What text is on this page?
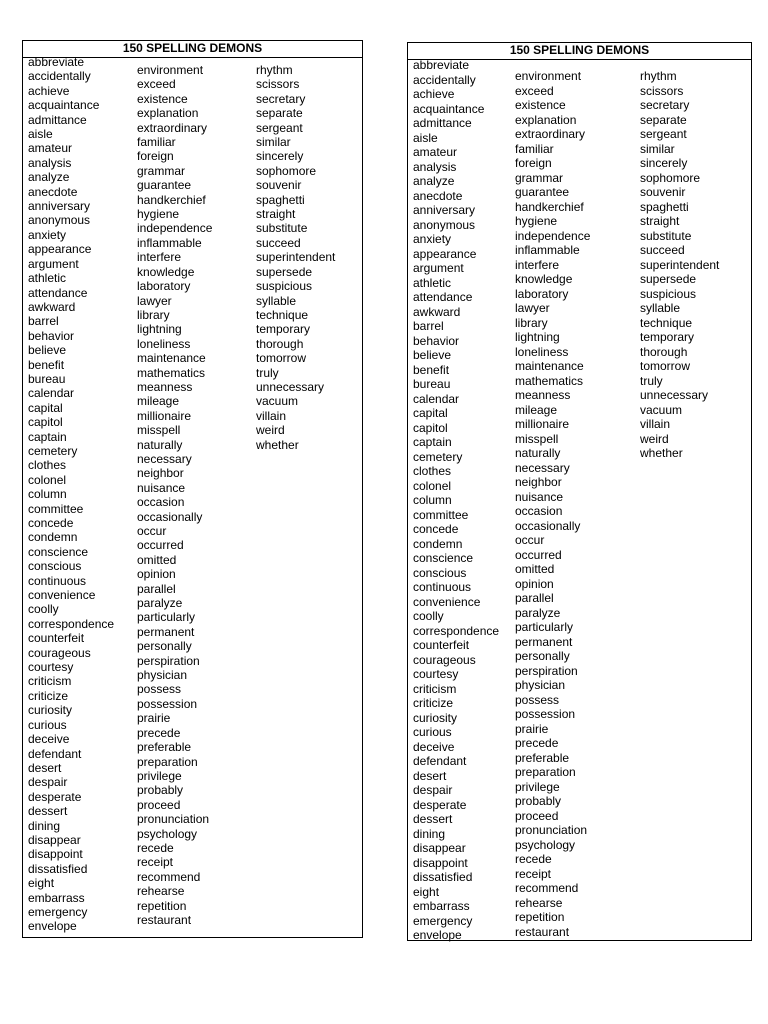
150 SPELLING DEMONS
abbreviate
accidentally
achieve
acquaintance
admittance
aisle
amateur
analysis
analyze
anecdote
anniversary
anonymous
anxiety
appearance
argument
athletic
attendance
awkward
barrel
behavior
believe
benefit
bureau
calendar
capital
capitol
captain
cemetery
clothes
colonel
column
committee
concede
condemn
conscience
conscious
continuous
convenience
coolly
correspondence
counterfeit
courageous
courtesy
criticism
criticize
curiosity
curious
deceive
defendant
desert
despair
desperate
dessert
dining
disappear
disappoint
dissatisfied
eight
embarrass
emergency
envelope
environment
exceed
existence
explanation
extraordinary
familiar
foreign
grammar
guarantee
handkerchief
hygiene
independence
inflammable
interfere
knowledge
laboratory
lawyer
library
lightning
loneliness
maintenance
mathematics
meanness
mileage
millionaire
misspell
naturally
necessary
neighbor
nuisance
occasion
occasionally
occur
occurred
omitted
opinion
parallel
paralyze
particularly
permanent
personally
perspiration
physician
possess
possession
prairie
precede
preferable
preparation
privilege
probably
proceed
pronunciation
psychology
recede
receipt
recommend
rehearse
repetition
restaurant
rhythm
scissors
secretary
separate
sergeant
similar
sincerely
sophomore
souvenir
spaghetti
straight
substitute
succeed
superintendent
supersede
suspicious
syllable
technique
temporary
thorough
tomorrow
truly
unnecessary
vacuum
villain
weird
whether
150 SPELLING DEMONS
abbreviate
accidentally
achieve
acquaintance
admittance
aisle
amateur
analysis
analyze
anecdote
anniversary
anonymous
anxiety
appearance
argument
athletic
attendance
awkward
barrel
behavior
believe
benefit
bureau
calendar
capital
capitol
captain
cemetery
clothes
colonel
column
committee
concede
condemn
conscience
conscious
continuous
convenience
coolly
correspondence
counterfeit
courageous
courtesy
criticism
criticize
curiosity
curious
deceive
defendant
desert
despair
desperate
dessert
dining
disappear
disappoint
dissatisfied
eight
embarrass
emergency
envelope
environment
exceed
existence
explanation
extraordinary
familiar
foreign
grammar
guarantee
handkerchief
hygiene
independence
inflammable
interfere
knowledge
laboratory
lawyer
library
lightning
loneliness
maintenance
mathematics
meanness
mileage
millionaire
misspell
naturally
necessary
neighbor
nuisance
occasion
occasionally
occur
occurred
omitted
opinion
parallel
paralyze
particularly
permanent
personally
perspiration
physician
possess
possession
prairie
precede
preferable
preparation
privilege
probably
proceed
pronunciation
psychology
recede
receipt
recommend
rehearse
repetition
restaurant
rhythm
scissors
secretary
separate
sergeant
similar
sincerely
sophomore
souvenir
spaghetti
straight
substitute
succeed
superintendent
supersede
suspicious
syllable
technique
temporary
thorough
tomorrow
truly
unnecessary
vacuum
villain
weird
whether
